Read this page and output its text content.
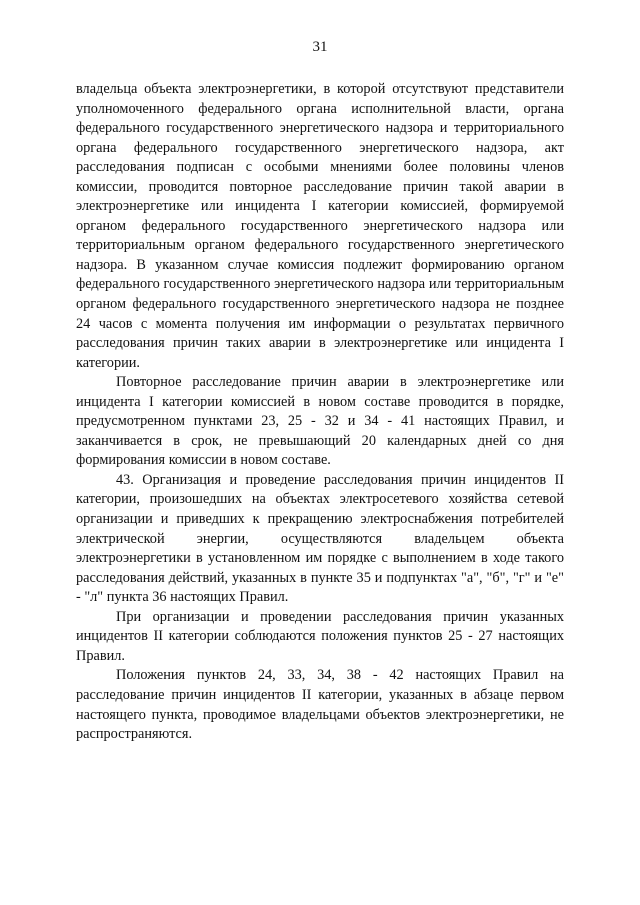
31

владельца объекта электроэнергетики, в которой отсутствуют представители уполномоченного федерального органа исполнительной власти, органа федерального государственного энергетического надзора и территориального органа федерального государственного энергетического надзора, акт расследования подписан с особыми мнениями более половины членов комиссии, проводится повторное расследование причин такой аварии в электроэнергетике или инцидента I категории комиссией, формируемой органом федерального государственного энергетического надзора или территориальным органом федерального государственного энергетического надзора. В указанном случае комиссия подлежит формированию органом федерального государственного энергетического надзора или территориальным органом федерального государственного энергетического надзора не позднее 24 часов с момента получения им информации о результатах первичного расследования причин таких аварии в электроэнергетике или инцидента I категории.

Повторное расследование причин аварии в электроэнергетике или инцидента I категории комиссией в новом составе проводится в порядке, предусмотренном пунктами 23, 25 - 32 и 34 - 41 настоящих Правил, и заканчивается в срок, не превышающий 20 календарных дней со дня формирования комиссии в новом составе.

43. Организация и проведение расследования причин инцидентов II категории, произошедших на объектах электросетевого хозяйства сетевой организации и приведших к прекращению электроснабжения потребителей электрической энергии, осуществляются владельцем объекта электроэнергетики в установленном им порядке с выполнением в ходе такого расследования действий, указанных в пункте 35 и подпунктах "а", "б", "г" и "е" - "л" пункта 36 настоящих Правил.

При организации и проведении расследования причин указанных инцидентов II категории соблюдаются положения пунктов 25 - 27 настоящих Правил.

Положения пунктов 24, 33, 34, 38 - 42 настоящих Правил на расследование причин инцидентов II категории, указанных в абзаце первом настоящего пункта, проводимое владельцами объектов электроэнергетики, не распространяются.
